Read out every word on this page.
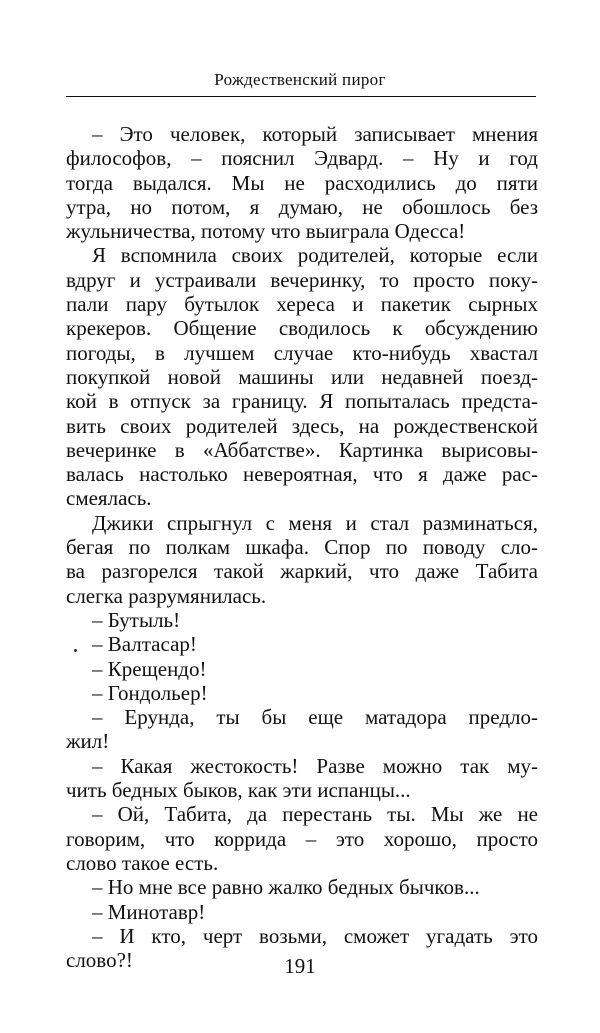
Рождественский пирог
– Это человек, который записывает мнения
философов, – пояснил Эдвард. – Ну и год
тогда выдался. Мы не расходились до пяти
утра, но потом, я думаю, не обошлось без
жульничества, потому что выиграла Одесса!
Я вспомнила своих родителей, которые если
вдруг и устраивали вечеринку, то просто поку-
пали пару бутылок хереса и пакетик сырных
крекеров. Общение сводилось к обсуждению
погоды, в лучшем случае кто-нибудь хвастал
покупкой новой машины или недавней поезд-
кой в отпуск за границу. Я попыталась предста-
вить своих родителей здесь, на рождественской
вечеринке в «Аббатстве». Картинка вырисовы-
валась настолько невероятная, что я даже рас-
смеялась.
Джики спрыгнул с меня и стал разминаться,
бегая по полкам шкафа. Спор по поводу сло-
ва разгорелся такой жаркий, что даже Табита
слегка разрумянилась.
– Бутыль!
– Валтасар!
– Крещендо!
– Гондольер!
– Ерунда, ты бы еще матадора предло-
жил!
– Какая жестокость! Разве можно так му-
чить бедных быков, как эти испанцы...
– Ой, Табита, да перестань ты. Мы же не
говорим, что коррида – это хорошо, просто
слово такое есть.
– Но мне все равно жалко бедных бычков...
– Минотавр!
– И кто, черт возьми, сможет угадать это
слово?!	191
